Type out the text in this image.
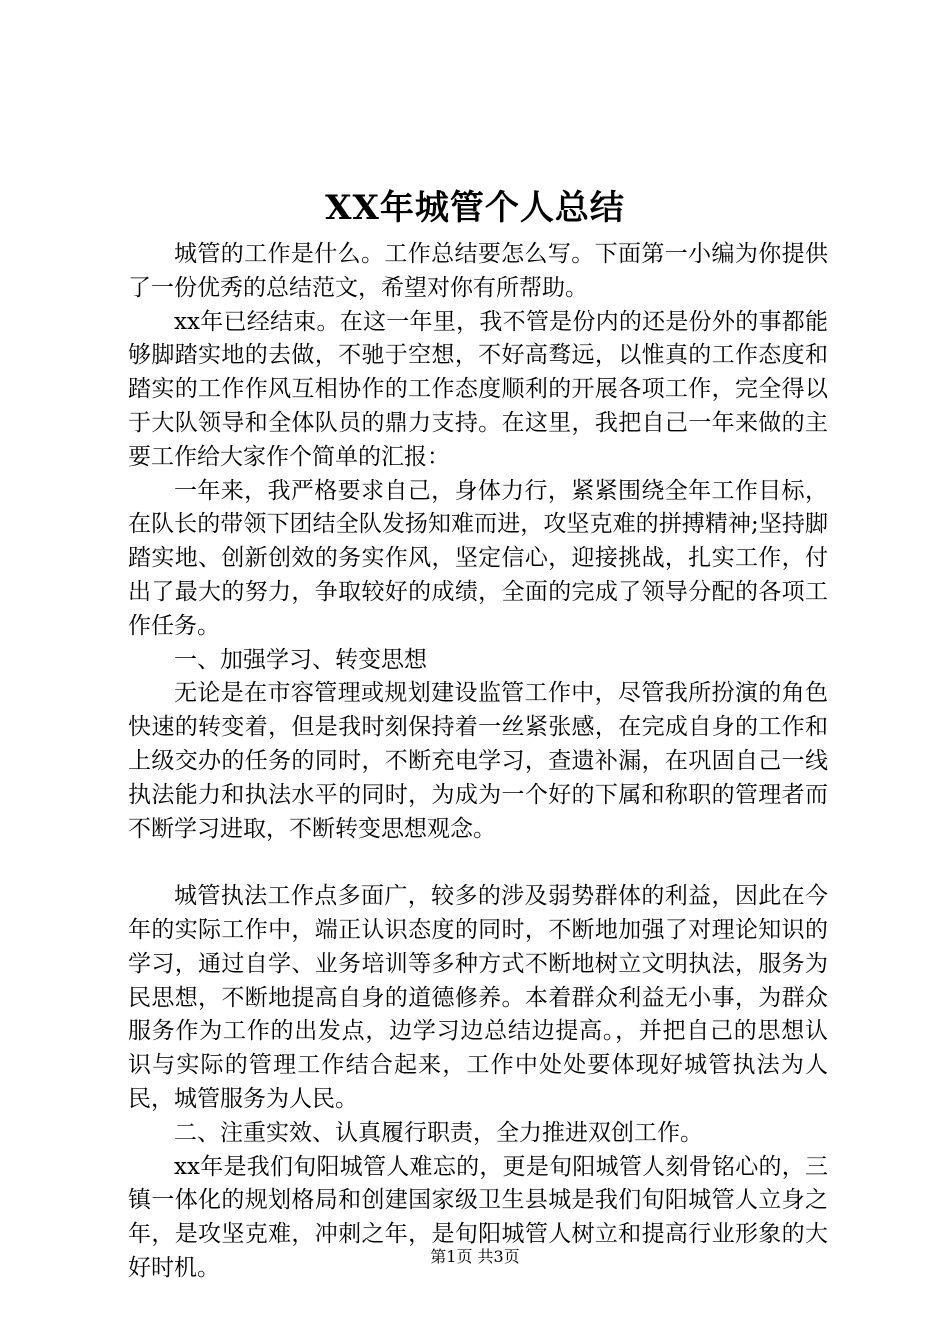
XX年城管个人总结

城管的工作是什么。工作总结要怎么写。下面第一小编为你提供了一份优秀的总结范文，希望对你有所帮助。

xx年已经结束。在这一年里，我不管是份内的还是份外的事都能够脚踏实地的去做，不驰于空想，不好高骛远，以惟真的工作态度和踏实的工作作风互相协作的工作态度顺利的开展各项工作，完全得以于大队领导和全体队员的鼎力支持。在这里，我把自己一年来做的主要工作给大家作个简单的汇报：

一年来，我严格要求自己，身体力行，紧紧围绕全年工作目标，在队长的带领下团结全队发扬知难而进，攻坚克难的拼搏精神;坚持脚踏实地、创新创效的务实作风，坚定信心，迎接挑战，扎实工作，付出了最大的努力，争取较好的成绩，全面的完成了领导分配的各项工作任务。

一、加强学习、转变思想

无论是在市容管理或规划建设监管工作中，尽管我所扮演的角色快速的转变着，但是我时刻保持着一丝紧张感，在完成自身的工作和上级交办的任务的同时，不断充电学习，查遗补漏，在巩固自己一线执法能力和执法水平的同时，为成为一个好的下属和称职的管理者而不断学习进取，不断转变思想观念。

城管执法工作点多面广，较多的涉及弱势群体的利益，因此在今年的实际工作中，端正认识态度的同时，不断地加强了对理论知识的学习，通过自学、业务培训等多种方式不断地树立文明执法，服务为民思想，不断地提高自身的道德修养。本着群众利益无小事，为群众服务作为工作的出发点，边学习边总结边提高。，并把自己的思想认识与实际的管理工作结合起来，工作中处处要体现好城管执法为人民，城管服务为人民。

二、注重实效、认真履行职责，全力推进双创工作。

xx年是我们旬阳城管人难忘的，更是旬阳城管人刻骨铭心的，三镇一体化的规划格局和创建国家级卫生县城是我们旬阳城管人立身之年，是攻坚克难，冲刺之年，是旬阳城管人树立和提高行业形象的大好时机。	第1页 共3页
